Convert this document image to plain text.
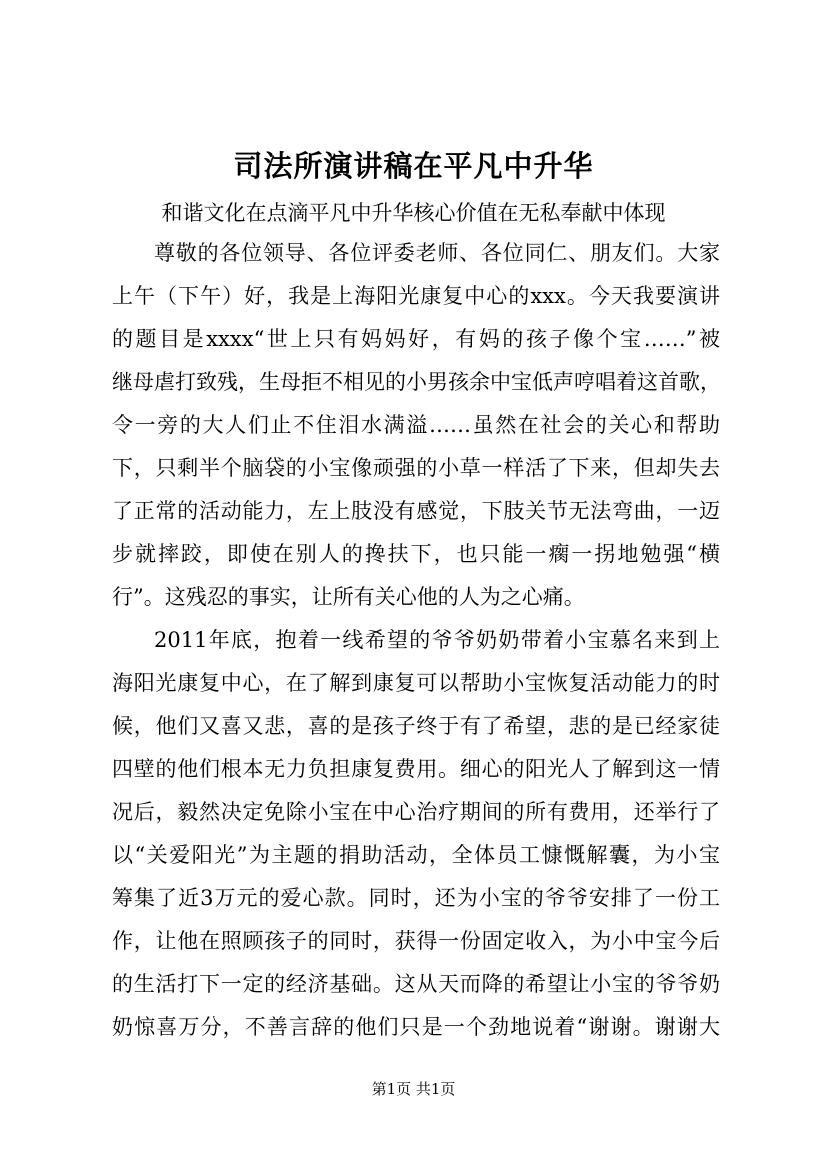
司法所演讲稿在平凡中升华
和谐文化在点滴平凡中升华核心价值在无私奉献中体现
尊敬的各位领导、各位评委老师、各位同仁、朋友们。大家
上午（下午）好，我是上海阳光康复中心的xxx。今天我要演讲
的题目是xxxx“世上只有妈妈好，有妈的孩子像个宝……”被
继母虐打致残，生母拒不相见的小男孩余中宝低声哼唱着这首歌，
令一旁的大人们止不住泪水满溢……虽然在社会的关心和帮助
下，只剩半个脑袋的小宝像顽强的小草一样活了下来，但却失去
了正常的活动能力，左上肢没有感觉，下肢关节无法弯曲，一迈
步就摔跤，即使在别人的搀扶下，也只能一瘸一拐地勉强“横
行”。这残忍的事实，让所有关心他的人为之心痛。
2011年底，抱着一线希望的爷爷奶奶带着小宝慕名来到上
海阳光康复中心，在了解到康复可以帮助小宝恢复活动能力的时
候，他们又喜又悲，喜的是孩子终于有了希望，悲的是已经家徒
四壁的他们根本无力负担康复费用。细心的阳光人了解到这一情
况后，毅然决定免除小宝在中心治疗期间的所有费用，还举行了
以“关爱阳光”为主题的捐助活动，全体员工慷慨解囊，为小宝
筹集了近3万元的爱心款。同时，还为小宝的爷爷安排了一份工
作，让他在照顾孩子的同时，获得一份固定收入，为小中宝今后
的生活打下一定的经济基础。这从天而降的希望让小宝的爷爷奶
奶惊喜万分，不善言辞的他们只是一个劲地说着“谢谢。谢谢大
第1页 共1页
